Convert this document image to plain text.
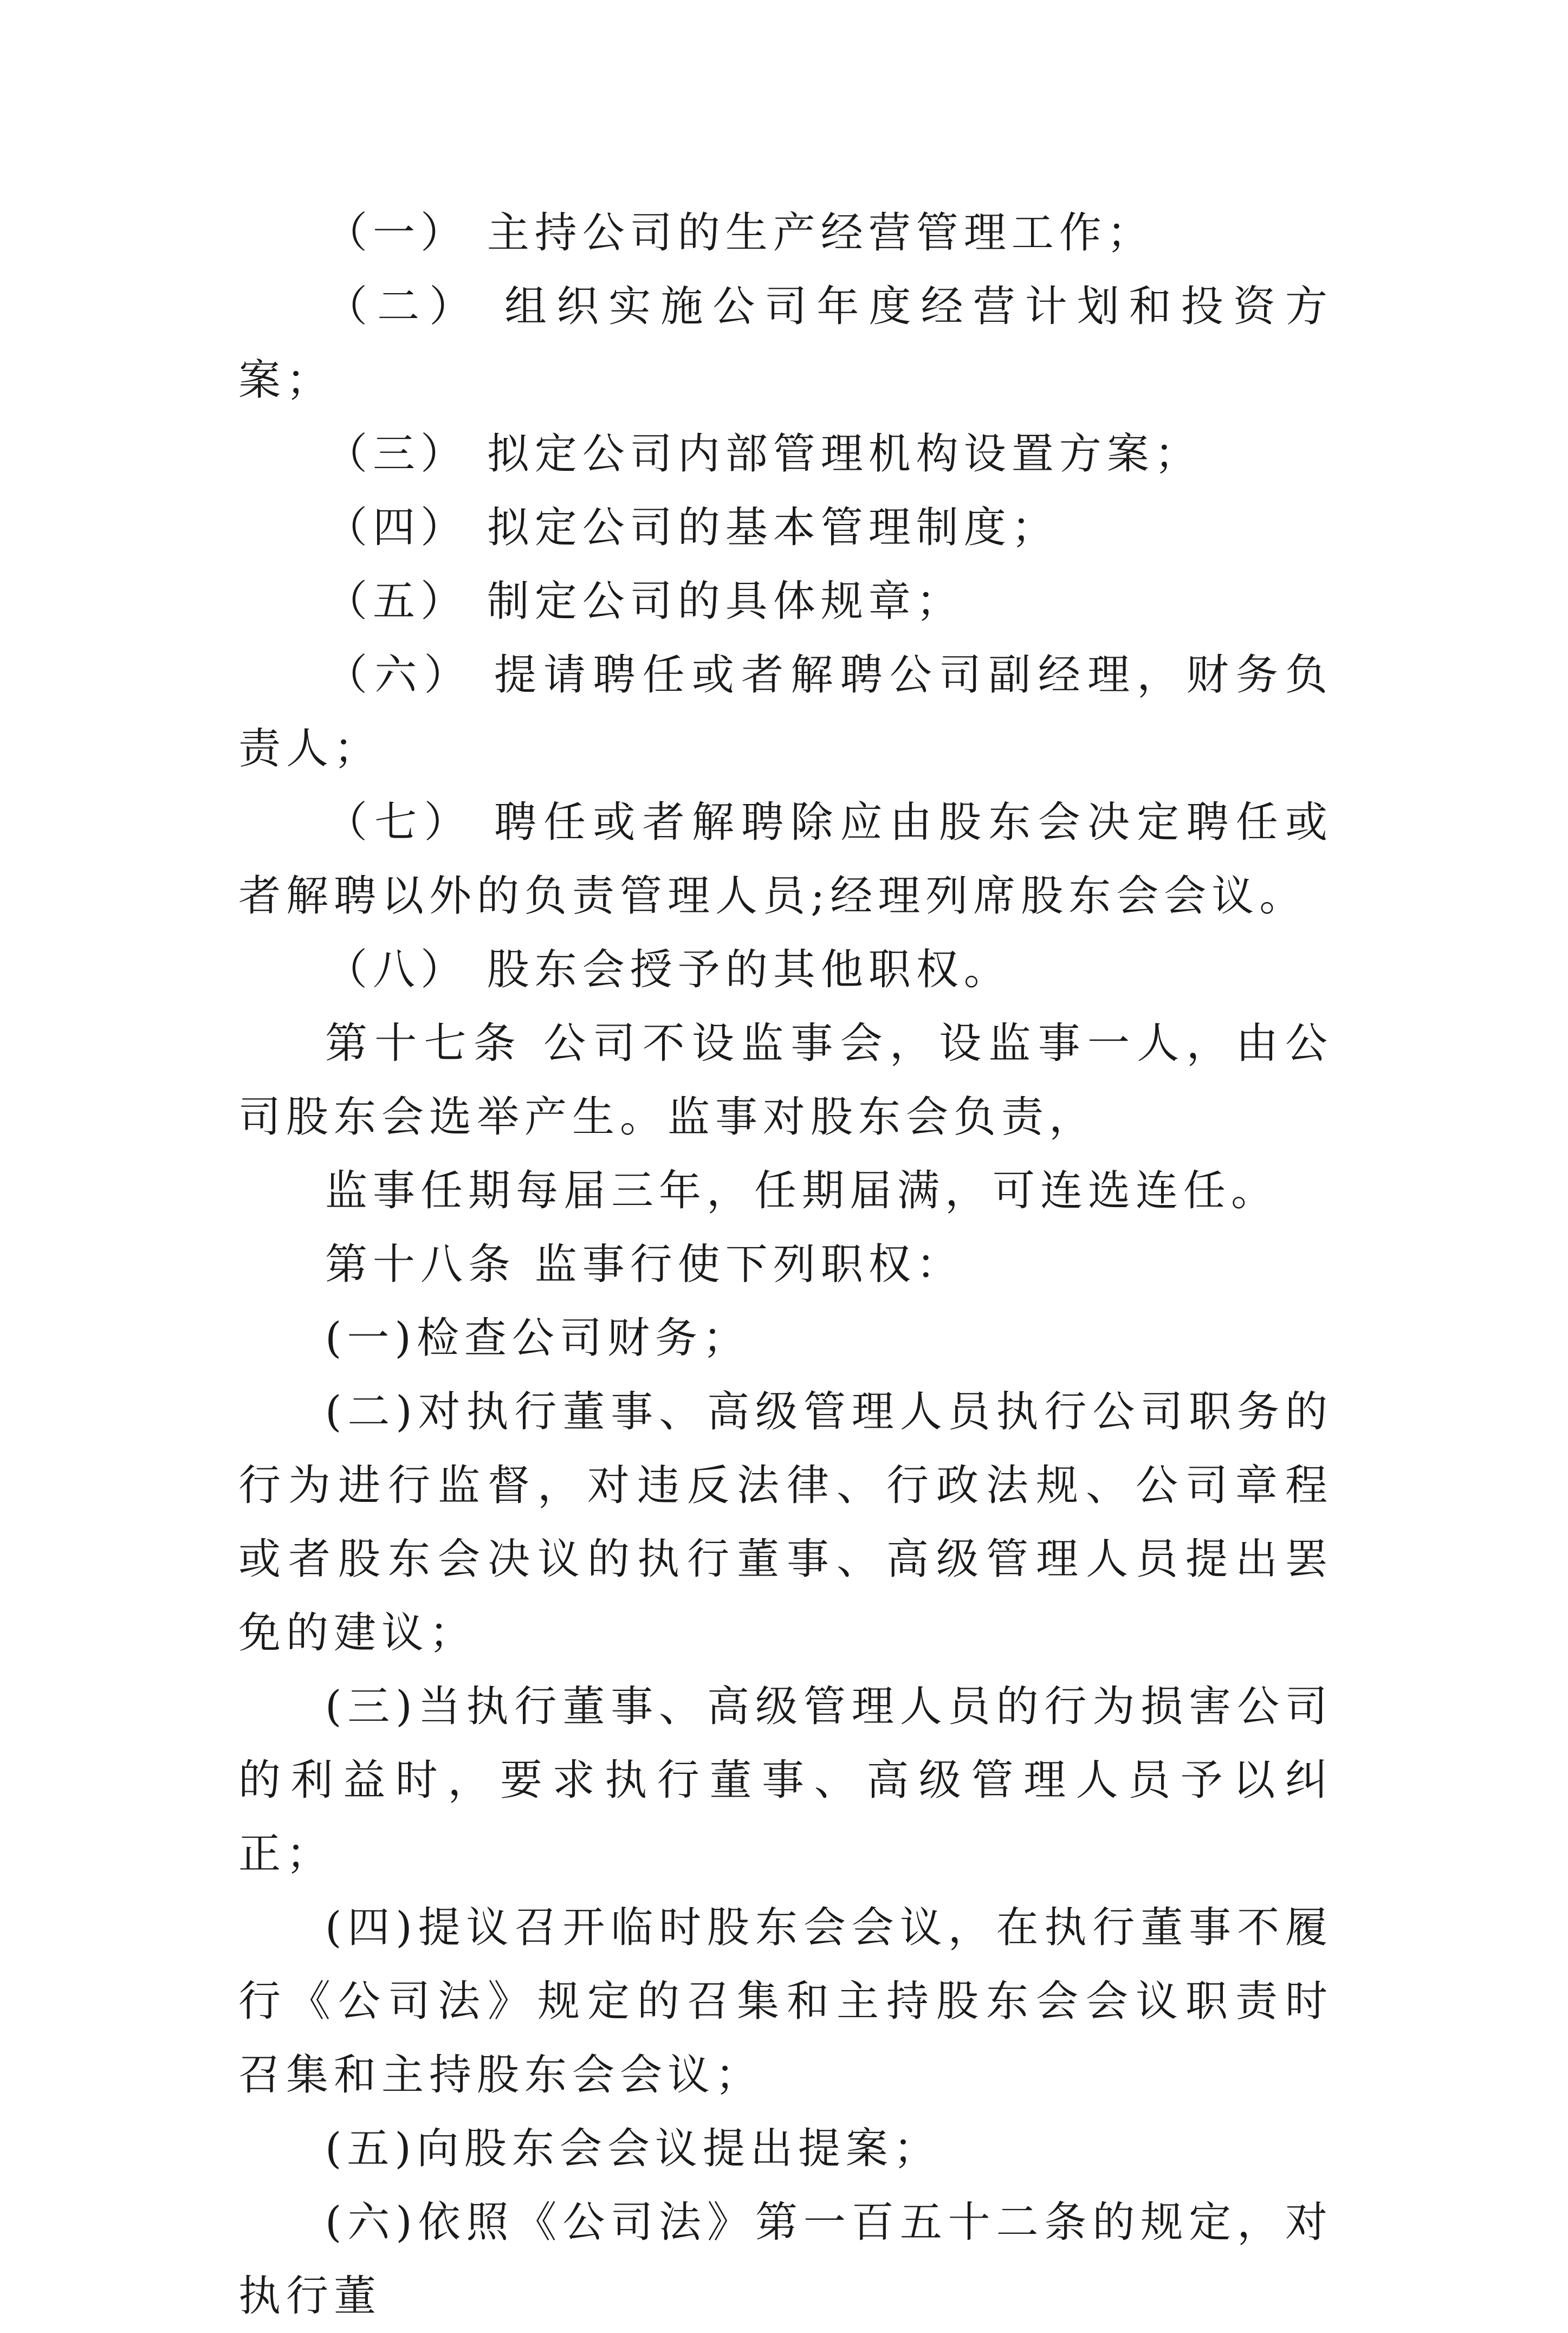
（一） 主持公司的生产经营管理工作；

（二） 组织实施公司年度经营计划和投资方案；

（三） 拟定公司内部管理机构设置方案；

（四） 拟定公司的基本管理制度；

（五） 制定公司的具体规章；

（六） 提请聘任或者解聘公司副经理，财务负责人；

（七） 聘任或者解聘除应由股东会决定聘任或者解聘以外的负责管理人员;经理列席股东会会议。

（八） 股东会授予的其他职权。

第十七条 公司不设监事会，设监事一人，由公司股东会选举产生。监事对股东会负责，

监事任期每届三年，任期届满，可连选连任。

第十八条 监事行使下列职权：

(一)检查公司财务；

(二)对执行董事、高级管理人员执行公司职务的行为进行监督，对违反法律、行政法规、公司章程或者股东会决议的执行董事、高级管理人员提出罢免的建议；

(三)当执行董事、高级管理人员的行为损害公司的利益时，要求执行董事、高级管理人员予以纠正；

(四)提议召开临时股东会会议，在执行董事不履行《公司法》规定的召集和主持股东会会议职责时召集和主持股东会会议；

(五)向股东会会议提出提案；

(六)依照《公司法》第一百五十二条的规定，对执行董
